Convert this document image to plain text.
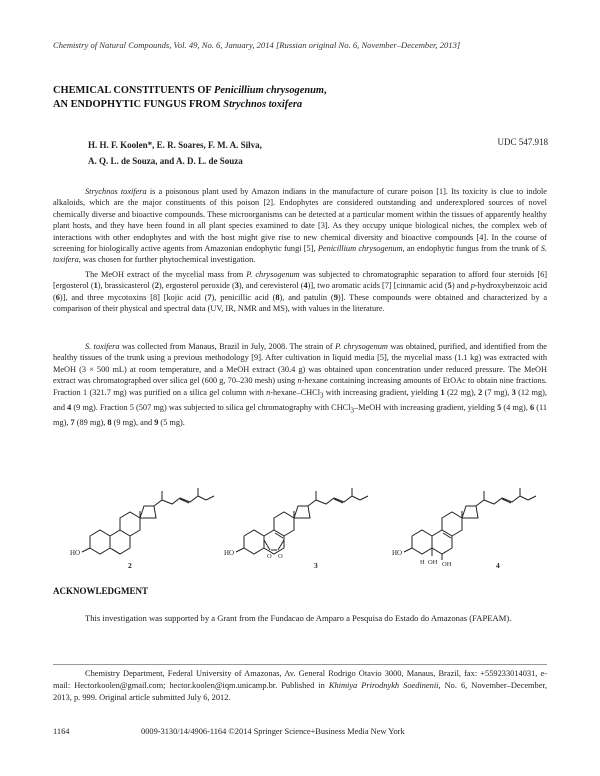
Chemistry of Natural Compounds, Vol. 49, No. 6, January, 2014 [Russian original No. 6, November–December, 2013]
CHEMICAL CONSTITUENTS OF Penicillium chrysogenum,
AN ENDOPHYTIC FUNGUS FROM Strychnos toxifera
H. H. F. Koolen*, E. R. Soares, F. M. A. Silva,
A. Q. L. de Souza, and A. D. L. de Souza
UDC 547.918
Strychnos toxifera is a poisonous plant used by Amazon indians in the manufacture of curare poison [1]. Its toxicity is clue to indole alkaloids, which are the major constituents of this poison [2]. Endophytes are considered outstanding and underexplored sources of novel chemically diverse and bioactive compounds. These microorganisms can be detected at a particular moment within the tissues of apparently healthy plant hosts, and they have been found in all plant species examined to date [3]. As they occupy unique biological niches, the complex web of interactions with other endophytes and with the host might give rise to new chemical diversity and bioactive compounds [4]. In the course of screening for biologically active agents from Amazonian endophytic fungi [5], Penicillium chrysogenum, an endophytic fungus from the trunk of S. toxifera, was chosen for further phytochemical investigation.
The MeOH extract of the mycelial mass from P. chrysogenum was subjected to chromatographic separation to afford four steroids [6] [ergosterol (1), brassicasterol (2), ergosterol peroxide (3), and cerevisterol (4)], two aromatic acids [7] [cinnamic acid (5) and p-hydroxybenzoic acid (6)], and three mycotoxins [8] [kojic acid (7), penicillic acid (8), and patulin (9)]. These compounds were obtained and characterized by a comparison of their physical and spectral data (UV, IR, NMR and MS), with values in the literature.
S. toxifera was collected from Manaus, Brazil in July, 2008. The strain of P. chrysogenum was obtained, purified, and identified from the healthy tissues of the trunk using a previous methodology [9]. After cultivation in liquid media [5], the mycelial mass (1.1 kg) was extracted with MeOH (3 × 500 mL) at room temperature, and a MeOH extract (30.4 g) was obtained upon concentration under reduced pressure. The MeOH extract was chromatographed over silica gel (600 g, 70–230 mesh) using n-hexane containing increasing amounts of EtOAc to obtain nine fractions. Fraction 1 (321.7 mg) was purified on a silica gel column with n-hexane–CHCl$_3$ with increasing gradient, yielding 1 (22 mg), 2 (7 mg), 3 (12 mg), and 4 (9 mg). Fraction 5 (507 mg) was subjected to silica gel chromatography with CHCl$_3$–MeOH with increasing gradient, yielding 5 (4 mg), 6 (11 mg), 7 (89 mg), 8 (9 mg), and 9 (5 mg).
HO
2
HO	O O
3
HO
H OH OH	4
ACKNOWLEDGMENT
This investigation was supported by a Grant from the Fundacao de Amparo a Pesquisa do Estado do Amazonas (FAPEAM).
Chemistry Department, Federal University of Amazonas, Av. General Rodrigo Otavio 3000, Manaus, Brazil, fax: +559233014031, e-mail: Hectorkoolen@gmail.com; hector.koolen@iqm.unicamp.br. Published in Khimiya Prirodnykh Soedinenii, No. 6, November–December, 2013, p. 999. Original article submitted July 6, 2012.
1164	0009-3130/14/4906-1164 ©2014 Springer Science+Business Media New York
